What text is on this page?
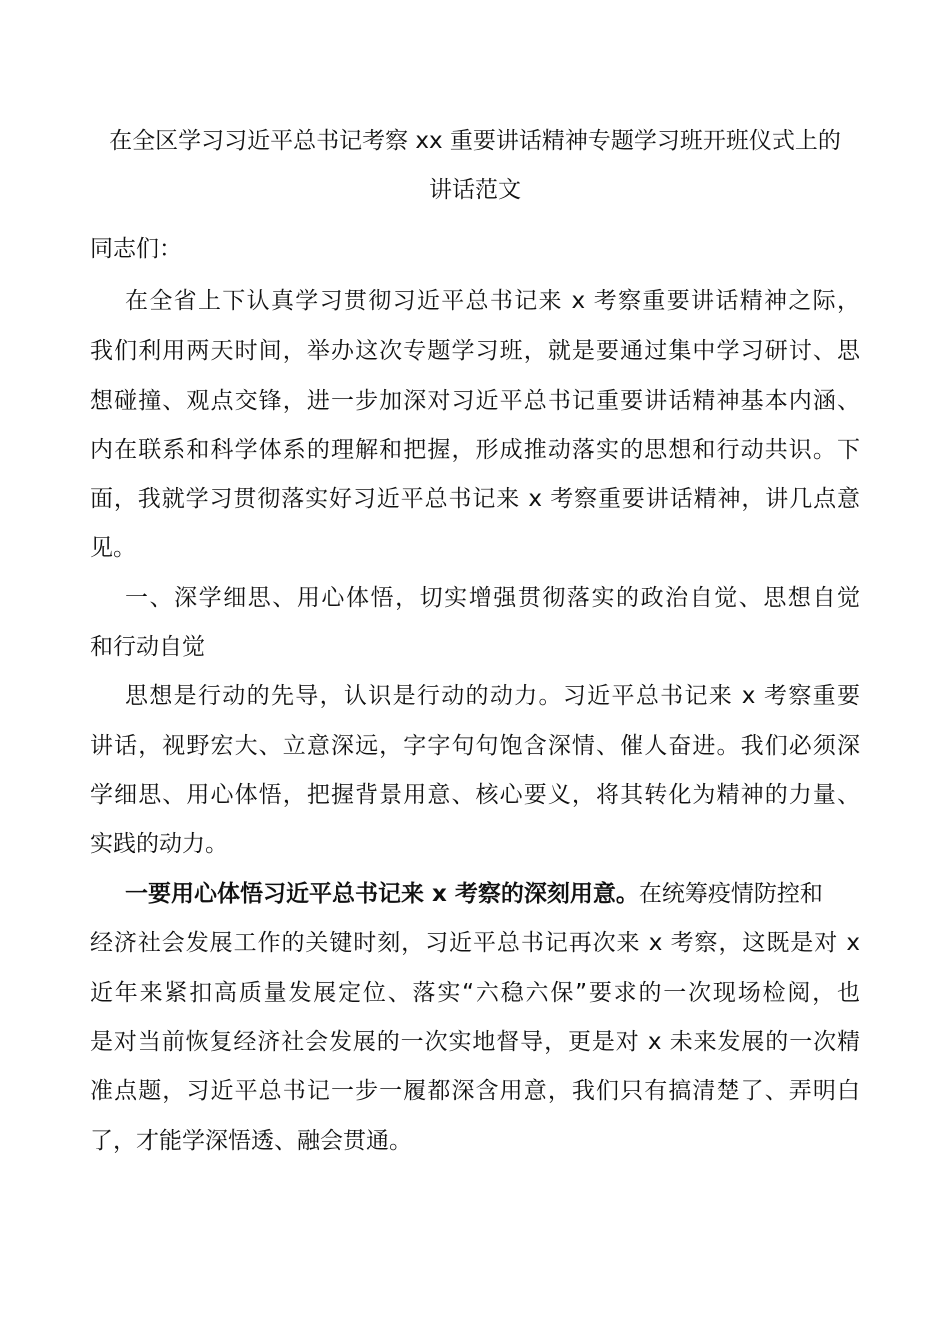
在全区学习习近平总书记考察 xx 重要讲话精神专题学习班开班仪式上的
讲话范文
同志们：
在全省上下认真学习贯彻习近平总书记来 x 考察重要讲话精神之际，
我们利用两天时间，举办这次专题学习班，就是要通过集中学习研讨、思
想碰撞、观点交锋，进一步加深对习近平总书记重要讲话精神基本内涵、
内在联系和科学体系的理解和把握，形成推动落实的思想和行动共识。下
面，我就学习贯彻落实好习近平总书记来 x 考察重要讲话精神，讲几点意
见。
一、深学细思、用心体悟，切实增强贯彻落实的政治自觉、思想自觉
和行动自觉
思想是行动的先导，认识是行动的动力。习近平总书记来 x 考察重要
讲话，视野宏大、立意深远，字字句句饱含深情、催人奋进。我们必须深
学细思、用心体悟，把握背景用意、核心要义，将其转化为精神的力量、
实践的动力。
一要用心体悟习近平总书记来 x 考察的深刻用意。在统筹疫情防控和
经济社会发展工作的关键时刻，习近平总书记再次来 x 考察，这既是对 x
近年来紧扣高质量发展定位、落实“六稳六保”要求的一次现场检阅，也
是对当前恢复经济社会发展的一次实地督导，更是对 x 未来发展的一次精
准点题，习近平总书记一步一履都深含用意，我们只有搞清楚了、弄明白
了，才能学深悟透、融会贯通。
